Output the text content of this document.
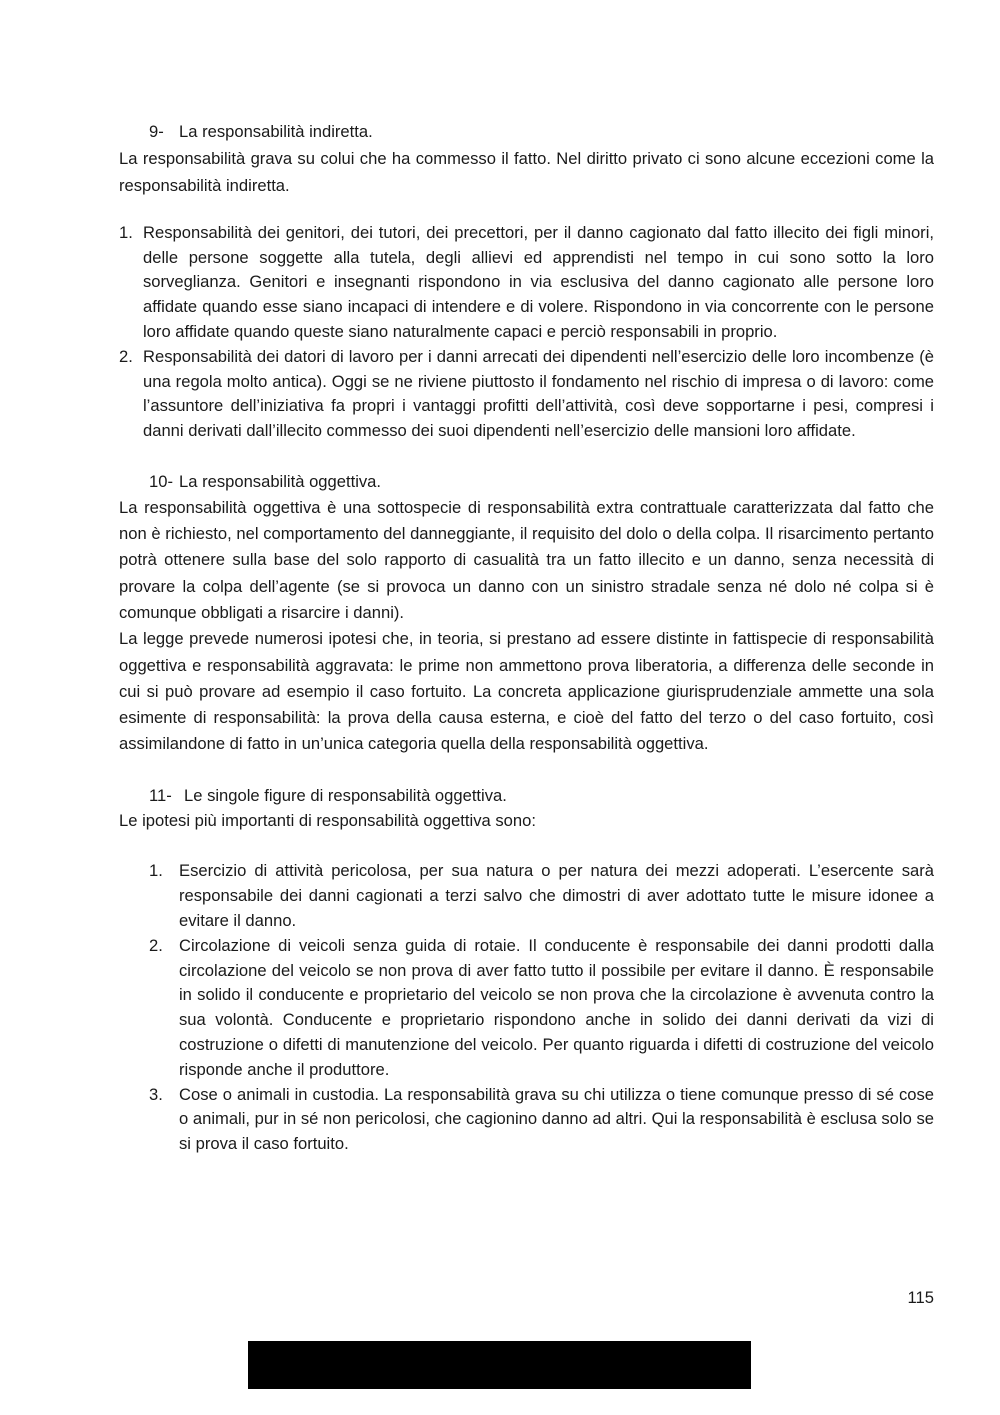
9- La responsabilità indiretta.

La responsabilità grava su colui che ha commesso il fatto. Nel diritto privato ci sono alcune eccezioni come la responsabilità indiretta.

1. Responsabilità dei genitori, dei tutori, dei precettori, per il danno cagionato dal fatto illecito dei figli minori, delle persone soggette alla tutela, degli allievi ed apprendisti nel tempo in cui sono sotto la loro sorveglianza. Genitori e insegnanti rispondono in via esclusiva del danno cagionato alle persone loro affidate quando esse siano incapaci di intendere e di volere. Rispondono in via concorrente con le persone loro affidate quando queste siano naturalmente capaci e perciò responsabili in proprio.
2. Responsabilità dei datori di lavoro per i danni arrecati dei dipendenti nell’esercizio delle loro incombenze (è una regola molto antica). Oggi se ne riviene piuttosto il fondamento nel rischio di impresa o di lavoro: come l’assuntore dell’iniziativa fa propri i vantaggi profitti dell’attività, così deve sopportarne i pesi, compresi i danni derivati dall’illecito commesso dei suoi dipendenti nell’esercizio delle mansioni loro affidate.
10- La responsabilità oggettiva.

La responsabilità oggettiva è una sottospecie di responsabilità extra contrattuale caratterizzata dal fatto che non è richiesto, nel comportamento del danneggiante, il requisito del dolo o della colpa. Il risarcimento pertanto potrà ottenere sulla base del solo rapporto di casualità tra un fatto illecito e un danno, senza necessità di provare la colpa dell’agente (se si provoca un danno con un sinistro stradale senza né dolo né colpa si è comunque obbligati a risarcire i danni).

La legge prevede numerosi ipotesi che, in teoria, si prestano ad essere distinte in fattispecie di responsabilità oggettiva e responsabilità aggravata: le prime non ammettono prova liberatoria, a differenza delle seconde in cui si può provare ad esempio il caso fortuito. La concreta applicazione giurisprudenziale ammette una sola esimente di responsabilità: la prova della causa esterna, e cioè del fatto del terzo o del caso fortuito, così assimilandone di fatto in un’unica categoria quella della responsabilità oggettiva.

11- Le singole figure di responsabilità oggettiva.

Le ipotesi più importanti di responsabilità oggettiva sono:

1. Esercizio di attività pericolosa, per sua natura o per natura dei mezzi adoperati. L’esercente sarà responsabile dei danni cagionati a terzi salvo che dimostri di aver adottato tutte le misure idonee a evitare il danno.
2. Circolazione di veicoli senza guida di rotaie. Il conducente è responsabile dei danni prodotti dalla circolazione del veicolo se non prova di aver fatto tutto il possibile per evitare il danno. È responsabile in solido il conducente e proprietario del veicolo se non prova che la circolazione è avvenuta contro la sua volontà. Conducente e proprietario rispondono anche in solido dei danni derivati da vizi di costruzione o difetti di manutenzione del veicolo. Per quanto riguarda i difetti di costruzione del veicolo risponde anche il produttore.
3. Cose o animali in custodia. La responsabilità grava su chi utilizza o tiene comunque presso di sé cose o animali, pur in sé non pericolosi, che cagionino danno ad altri. Qui la responsabilità è esclusa solo se si prova il caso fortuito.
115
